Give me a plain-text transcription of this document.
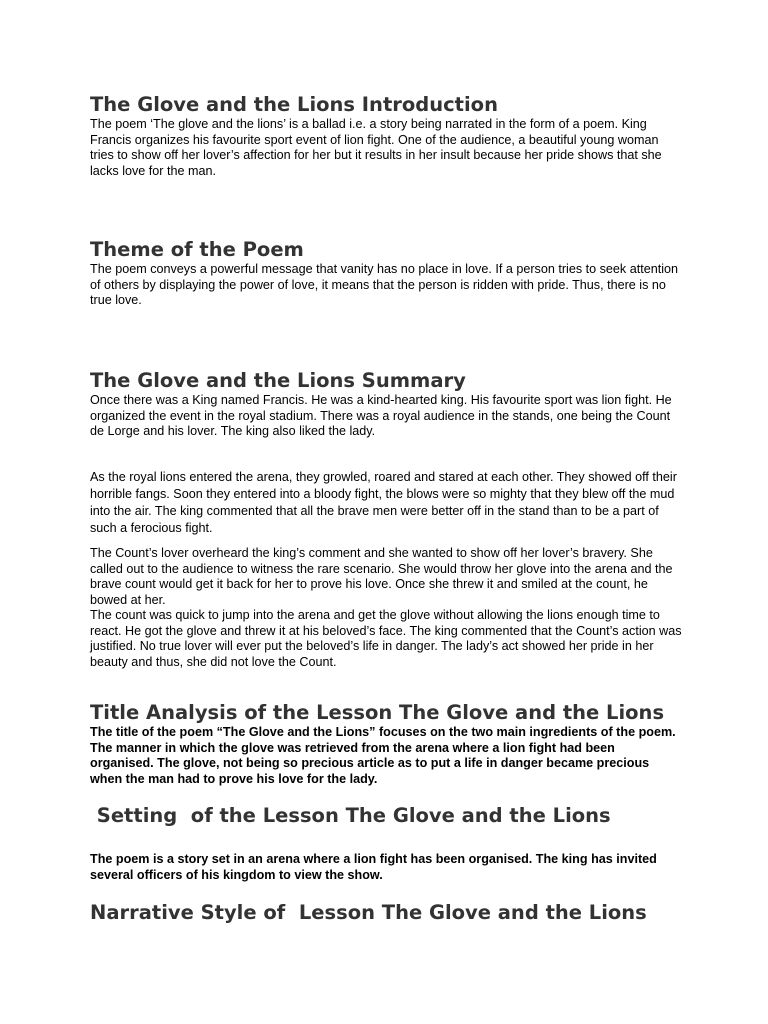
The Glove and the Lions Introduction

The poem ‘The glove and the lions’ is a ballad i.e. a story being narrated in the form of a poem. King Francis organizes his favourite sport event of lion fight. One of the audience, a beautiful young woman tries to show off her lover’s affection for her but it results in her insult because her pride shows that she lacks love for the man.

Theme of the Poem

The poem conveys a powerful message that vanity has no place in love. If a person tries to seek attention of others by displaying the power of love, it means that the person is ridden with pride. Thus, there is no true love.

The Glove and the Lions Summary

Once there was a King named Francis. He was a kind-hearted king. His favourite sport was lion fight. He organized the event in the royal stadium. There was a royal audience in the stands, one being the Count de Lorge and his lover. The king also liked the lady.

As the royal lions entered the arena, they growled, roared and stared at each other. They showed off their horrible fangs. Soon they entered into a bloody fight, the blows were so mighty that they blew off the mud into the air. The king commented that all the brave men were better off in the stand than to be a part of such a ferocious fight.

The Count’s lover overheard the king’s comment and she wanted to show off her lover’s bravery. She called out to the audience to witness the rare scenario. She would throw her glove into the arena and the brave count would get it back for her to prove his love. Once she threw it and smiled at the count, he bowed at her.

The count was quick to jump into the arena and get the glove without allowing the lions enough time to react. He got the glove and threw it at his beloved’s face. The king commented that the Count’s action was justified. No true lover will ever put the beloved’s life in danger. The lady’s act showed her pride in her beauty and thus, she did not love the Count.

Title Analysis of the Lesson The Glove and the Lions

The title of the poem “The Glove and the Lions” focuses on the two main ingredients of the poem. The manner in which the glove was retrieved from the arena where a lion fight had been organised. The glove, not being so precious article as to put a life in danger became precious when the man had to prove his love for the lady.

Setting  of the Lesson The Glove and the Lions

The poem is a story set in an arena where a lion fight has been organised. The king has invited several officers of his kingdom to view the show.

Narrative Style of  Lesson The Glove and the Lions
